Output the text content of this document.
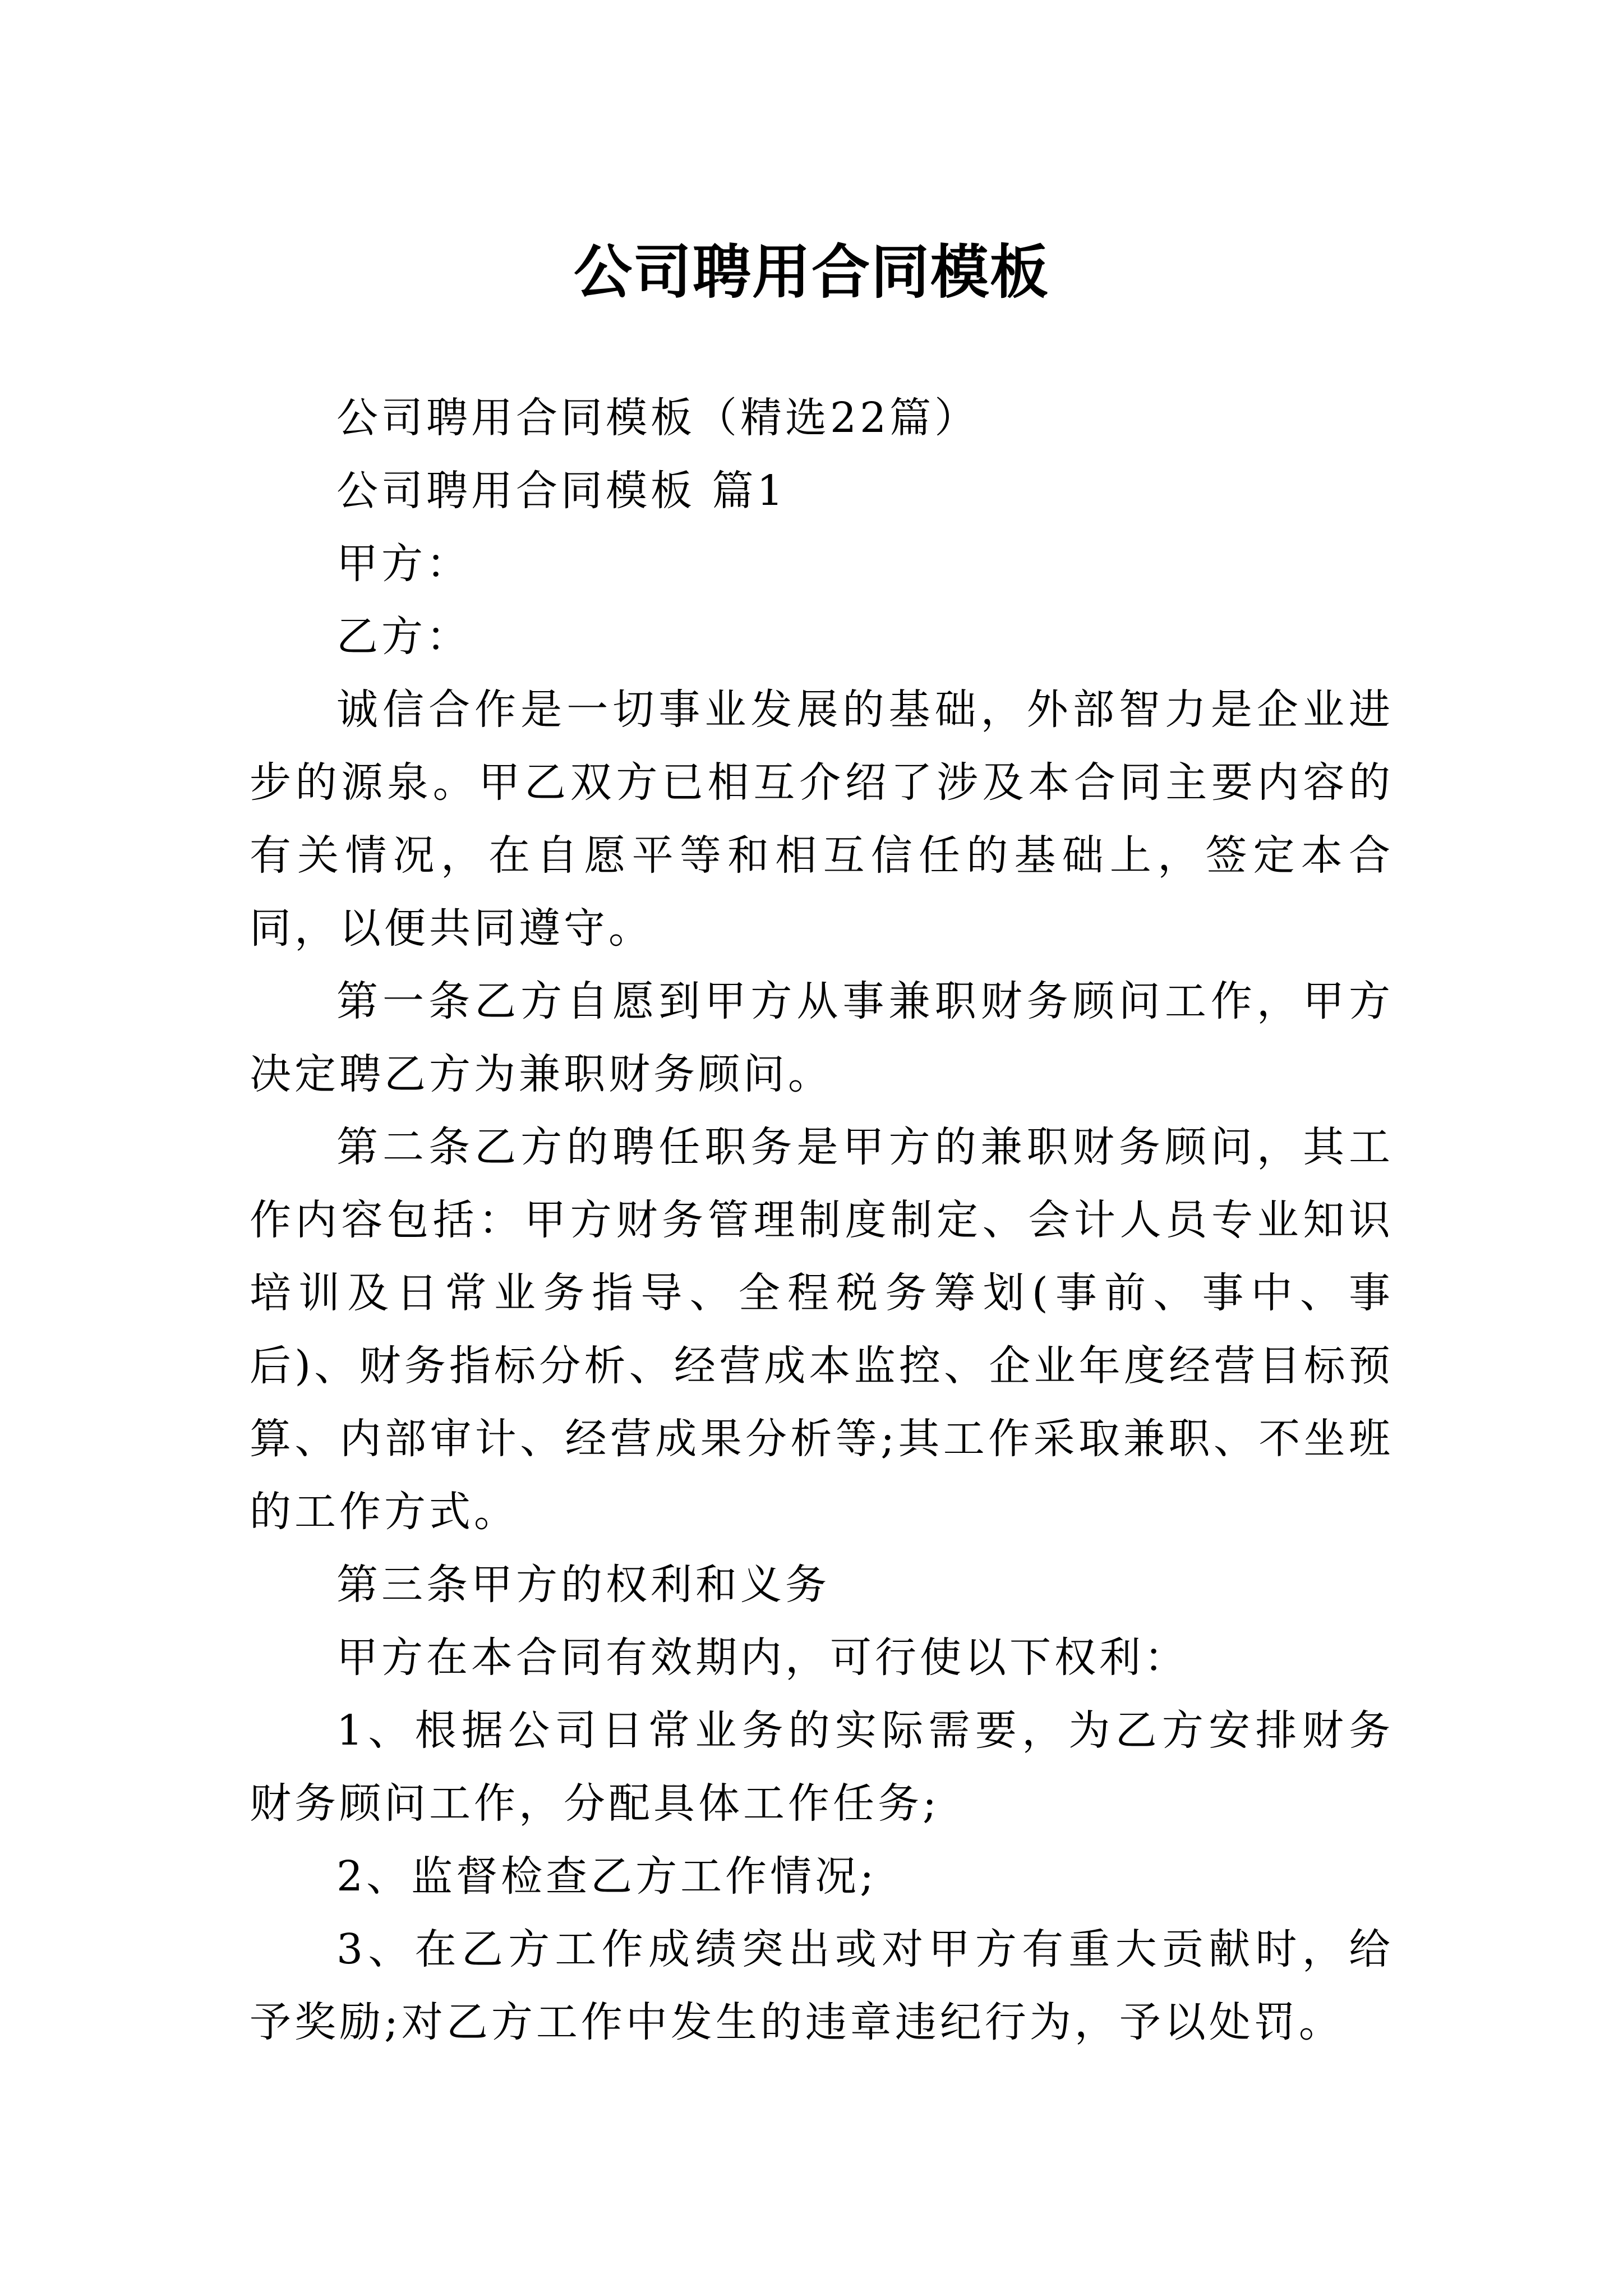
公司聘用合同模板

公司聘用合同模板（精选22篇）

公司聘用合同模板 篇1

甲方：

乙方：

诚信合作是一切事业发展的基础，外部智力是企业进步的源泉。甲乙双方已相互介绍了涉及本合同主要内容的有关情况，在自愿平等和相互信任的基础上，签定本合同，以便共同遵守。

第一条乙方自愿到甲方从事兼职财务顾问工作，甲方决定聘乙方为兼职财务顾问。

第二条乙方的聘任职务是甲方的兼职财务顾问，其工作内容包括：甲方财务管理制度制定、会计人员专业知识培训及日常业务指导、全程税务筹划(事前、事中、事后)、财务指标分析、经营成本监控、企业年度经营目标预算、内部审计、经营成果分析等;其工作采取兼职、不坐班的工作方式。

第三条甲方的权利和义务

甲方在本合同有效期内，可行使以下权利：

1、根据公司日常业务的实际需要，为乙方安排财务财务顾问工作，分配具体工作任务;

2、监督检查乙方工作情况;

3、在乙方工作成绩突出或对甲方有重大贡献时，给予奖励;对乙方工作中发生的违章违纪行为，予以处罚。
